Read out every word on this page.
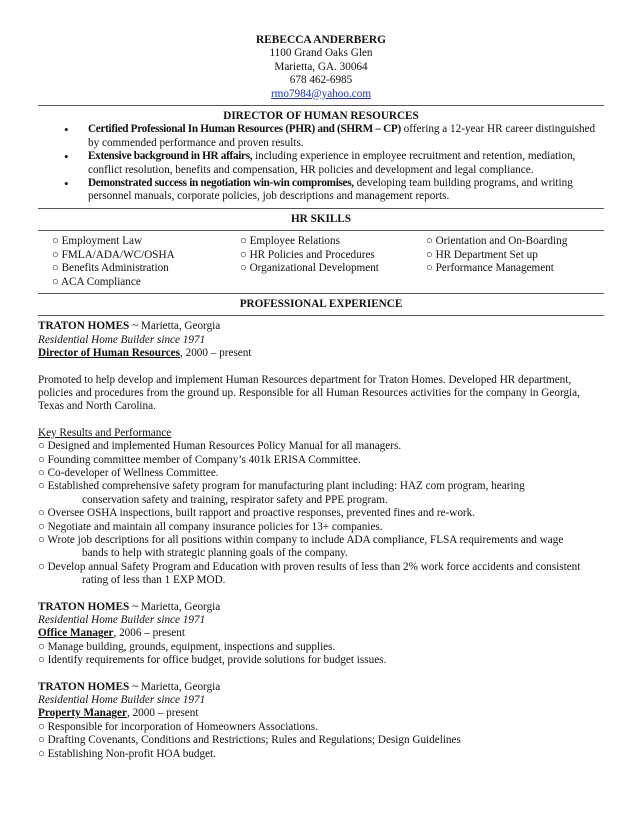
REBECCA ANDERBERG
1100 Grand Oaks Glen
Marietta, GA. 30064
678 462-6985
rmo7984@yahoo.com
DIRECTOR OF HUMAN RESOURCES
• Certified Professional In Human Resources (PHR) and (SHRM – CP) offering a 12-year HR career distinguished by commended performance and proven results.
• Extensive background in HR affairs, including experience in employee recruitment and retention, mediation, conflict resolution, benefits and compensation, HR policies and development and legal compliance.
• Demonstrated success in negotiation win-win compromises, developing team building programs, and writing personnel manuals, corporate policies, job descriptions and management reports.
HR SKILLS
○ Employment Law	○ Employee Relations	○ Orientation and On-Boarding
○ FMLA/ADA/WC/OSHA	○ HR Policies and Procedures	○ HR Department Set up
○ Benefits Administration	○ Organizational Development	○ Performance Management
○ ACA Compliance
PROFESSIONAL EXPERIENCE
TRATON HOMES ~ Marietta, Georgia
Residential Home Builder since 1971
Director of Human Resources, 2000 – present
Promoted to help develop and implement Human Resources department for Traton Homes. Developed HR department, policies and procedures from the ground up. Responsible for all Human Resources activities for the company in Georgia, Texas and North Carolina.
Key Results and Performance
○ Designed and implemented Human Resources Policy Manual for all managers.
○ Founding committee member of Company’s 401k ERISA Committee.
○ Co-developer of Wellness Committee.
○ Established comprehensive safety program for manufacturing plant including: HAZ com program, hearing
conservation safety and training, respirator safety and PPE program.
○ Oversee OSHA inspections, built rapport and proactive responses, prevented fines and re-work.
○ Negotiate and maintain all company insurance policies for 13+ companies.
○ Wrote job descriptions for all positions within company to include ADA compliance, FLSA requirements and wage
bands to help with strategic planning goals of the company.
○ Develop annual Safety Program and Education with proven results of less than 2% work force accidents and consistent
rating of less than 1 EXP MOD.
TRATON HOMES ~ Marietta, Georgia
Residential Home Builder since 1971
Office Manager, 2006 – present
○ Manage building, grounds, equipment, inspections and supplies.
○ Identify requirements for office budget, provide solutions for budget issues.
TRATON HOMES ~ Marietta, Georgia
Residential Home Builder since 1971
Property Manager, 2000 – present
○ Responsible for incorporation of Homeowners Associations.
○ Drafting Covenants, Conditions and Restrictions; Rules and Regulations; Design Guidelines
○ Establishing Non-profit HOA budget.
